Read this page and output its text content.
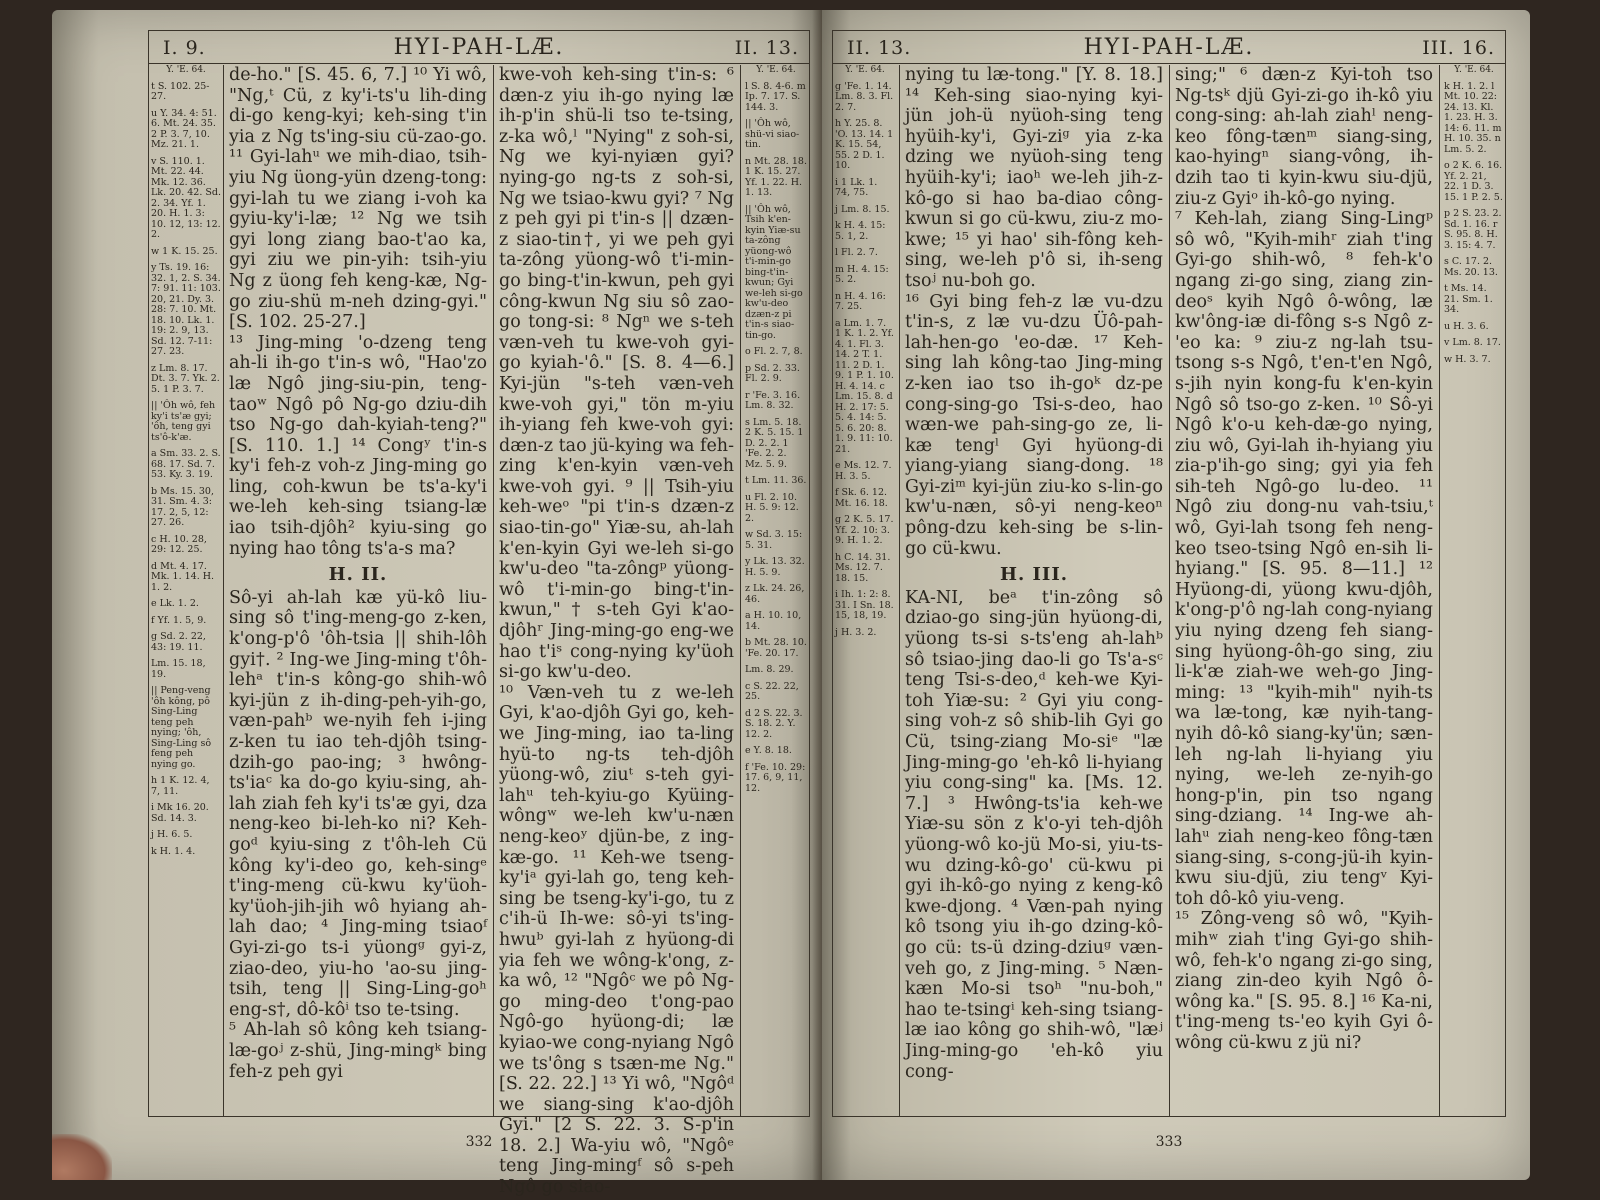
I. 9.	HYI-PAH-LÆ.	II. 13.
Y. 'E. 64.
t S. 102. 25-27.
u Y. 34. 4: 51. 6. Mt. 24. 35. 2 P. 3. 7, 10. Mz. 21. 1.
v S. 110. 1. Mt. 22. 44. Mk. 12. 36. Lk. 20. 42. Sd. 2. 34. Yf. 1. 20. H. 1. 3: 10. 12, 13: 12. 2.
w 1 K. 15. 25.
y Ts. 19. 16: 32. 1, 2. S. 34. 7: 91. 11: 103. 20, 21. Dy. 3. 28: 7. 10. Mt. 18. 10. Lk. 1. 19: 2. 9, 13. Sd. 12. 7-11: 27. 23.
z Lm. 8. 17. Dt. 3. 7. Yk. 2. 5. 1 P. 3. 7.
|| 'Ôh wô, feh ky'i ts'æ gyi; 'ôh, teng gyi ts'ô-k'æ.
a Sm. 33. 2. S. 68. 17. Sd. 7. 53. Ky. 3. 19.
b Ms. 15. 30, 31. Sm. 4. 3: 17. 2, 5, 12: 27. 26.
c H. 10. 28, 29: 12. 25.
d Mt. 4. 17. Mk. 1. 14. H. 1. 2.
e Lk. 1. 2.
f Yf. 1. 5, 9.
g Sd. 2. 22, 43: 19. 11.
Lm. 15. 18, 19.
|| Peng-veng 'ôh kông, pô Sing-Ling teng peh nying; 'ôh, Sing-Ling sô feng peh nying go.
h 1 K. 12. 4, 7, 11.
i Mk 16. 20. Sd. 14. 3.
j H. 6. 5.
k H. 1. 4.

de-ho." [S. 45. 6, 7.] ¹⁰ Yi wô, "Ng,ᵗ Cü, z ky'i-ts'u lih-ding di-go keng-kyi; keh-sing t'in yia z Ng ts'ing-siu cü-zao-go. ¹¹ Gyi-lahᵘ we mih-diao, tsih-yiu Ng üong-yün dzeng-tong: gyi-lah tu we ziang i-voh ka gyiu-ky'i-læ; ¹² Ng we tsih gyi long ziang bao-t'ao ka, gyi ziu we pin-yih: tsih-yiu Ng z üong feh keng-kæ, Ng-go ziu-shü m-neh dzing-gyi." [S. 102. 25-27.]

¹³ Jing-ming 'o-dzeng teng ah-li ih-go t'in-s wô, "Hao'zo læ Ngô jing-siu-pin, teng-taoʷ Ngô pô Ng-go dziu-dih tso Ng-go dah-kyiah-teng?" [S. 110. 1.] ¹⁴ Congʸ t'in-s ky'i feh-z voh-z Jing-ming go ling, coh-kwun be ts'a-ky'i we-leh keh-sing tsiang-læ iao tsih-djôh² kyiu-sing go nying hao tông ts'a-s ma?

H. II.

Sô-yi ah-lah kæ yü-kô liu-sing sô t'ing-meng-go z-ken, k'ong-p'ô 'ôh-tsia || shih-lôh gyi†. ² Ing-we Jing-ming t'ôh-lehᵃ t'in-s kông-go shih-wô kyi-jün z ih-ding-peh-yih-go, væn-pahᵇ we-nyih feh i-jing z-ken tu iao teh-djôh tsing-dzih-go pao-ing; ³ hwông-ts'iaᶜ ka do-go kyiu-sing, ah-lah ziah feh ky'i ts'æ gyi, dza neng-keo bi-leh-ko ni? Keh-goᵈ kyiu-sing z t'ôh-leh Cü kông ky'i-deo go, keh-singᵉ t'ing-meng cü-kwu ky'üoh-ky'üoh-jih-jih wô hyiang ah-lah dao; ⁴ Jing-ming tsiaoᶠ Gyi-zi-go ts-i yüongᵍ gyi-z, ziao-deo, yiu-ho 'ao-su jing-tsih, teng || Sing-Ling-goʰ eng-s†, dô-kôⁱ tso te-tsing.

⁵ Ah-lah sô kông keh tsiang-læ-goʲ z-shü, Jing-mingᵏ bing feh-z peh gyi

kwe-voh keh-sing t'in-s: ⁶ dæn-z yiu ih-go nying læ ih-p'in shü-li tso te-tsing, z-ka wô,ˡ "Nying" z soh-si, Ng we kyi-nyiæn gyi? nying-go ng-ts z soh-si, Ng we tsiao-kwu gyi? ⁷ Ng z peh gyi pi t'in-s || dzæn-z siao-tin†, yi we peh gyi ta-zông yüong-wô t'i-min-go bing-t'in-kwun, peh gyi công-kwun Ng siu sô zao-go tong-si: ⁸ Ngⁿ we s-teh væn-veh tu kwe-voh gyi-go kyiah-'ô." [S. 8. 4—6.] Kyi-jün "s-teh væn-veh kwe-voh gyi," tön m-yiu ih-yiang feh kwe-voh gyi: dæn-z tao jü-kying wa feh-zing k'en-kyin væn-veh kwe-voh gyi. ⁹ || Tsih-yiu keh-weᵒ "pi t'in-s dzæn-z siao-tin-go" Yiæ-su, ah-lah k'en-kyin Gyi we-leh si-go kw'u-deo "ta-zôngᵖ yüong-wô t'i-min-go bing-t'in-kwun," † s-teh Gyi k'ao-djôhʳ Jing-ming-go eng-we hao t'iˢ cong-nying ky'üoh si-go kw'u-deo.

¹⁰ Væn-veh tu z we-leh Gyi, k'ao-djôh Gyi go, keh-we Jing-ming, iao ta-ling hyü-to ng-ts teh-djôh yüong-wô, ziuᵗ s-teh gyi-lahᵘ teh-kyiu-go Kyüing-wôngʷ we-leh kw'u-næn neng-keoʸ djün-be, z ing-kæ-go. ¹¹ Keh-we tseng-ky'iᵃ gyi-lah go, teng keh-sing be tseng-ky'i-go, tu z c'ih-ü Ih-we: sô-yi ts'ing-hwuᵇ gyi-lah z hyüong-di yia feh we wông-k'ong, z-ka wô, ¹² "Ngôᶜ we pô Ng-go ming-deo t'ong-pao Ngô-go hyüong-di; læ kyiao-we cong-nyiang Ngô we ts'ông s tsæn-me Ng." [S. 22. 22.] ¹³ Yi wô, "Ngôᵈ we siang-sing k'ao-djôh Gyi." [2 S. 22. 3. S-p'in 18. 2.] Wa-yiu wô, "Ngôᵉ teng Jing-mingᶠ sô s-peh Ngô go siao-

Y. 'E. 64.
l S. 8. 4-6. m Ip. 7. 17. S. 144. 3.
|| 'Ôh wô, shü-vi siao-tin.
n Mt. 28. 18. 1 K. 15. 27. Yf. 1. 22. H. 1. 13.
|| 'Ôh wô, Tsih k'en-kyin Yiæ-su ta-zông yüong-wô t'i-min-go bing-t'in-kwun; Gyi we-leh si-go kw'u-deo dzæn-z pi t'in-s siao-tin-go.
o Fl. 2. 7, 8.
p Sd. 2. 33. Fl. 2. 9.
r 'Fe. 3. 16. Lm. 8. 32.
s Lm. 5. 18. 2 K. 5. 15. 1 D. 2. 2. 1 'Fe. 2. 2. Mz. 5. 9.
t Lm. 11. 36.
u Fl. 2. 10. H. 5. 9: 12. 2.
w Sd. 3. 15: 5. 31.
y Lk. 13. 32. H. 5. 9.
z Lk. 24. 26, 46.
a H. 10. 10, 14.
b Mt. 28. 10. 'Fe. 20. 17.
Lm. 8. 29.
c S. 22. 22, 25.
d 2 S. 22. 3. S. 18. 2. Y. 12. 2.
e Y. 8. 18.
f 'Fe. 10. 29: 17. 6, 9, 11, 12.
332
II. 13.	HYI-PAH-LÆ.	III. 16.
Y. 'E. 64.
g 'Fe. 1. 14. Lm. 8. 3. Fl. 2. 7.
h Y. 25. 8. 'O. 13. 14. 1 K. 15. 54, 55. 2 D. 1. 10.
i 1 Lk. 1. 74, 75.
j Lm. 8. 15.
k H. 4. 15: 5. 1, 2.
l Fl. 2. 7.
m H. 4. 15: 5. 2.
n H. 4. 16: 7. 25.
a Lm. 1. 7. 1 K. 1. 2. Yf. 4. 1. Fl. 3. 14. 2 T. 1. 11. 2 D. 1. 9. 1 P. 1. 10. H. 4. 14. c Lm. 15. 8. d H. 2. 17: 5. 5. 4. 14: 5. 5. 6. 20: 8. 1. 9. 11: 10. 21.
e Ms. 12. 7. H. 3. 5.
f Sk. 6. 12. Mt. 16. 18.
g 2 K. 5. 17. Yf. 2. 10: 3. 9. H. 1. 2.
h C. 14. 31. Ms. 12. 7. 18. 15.
i Ih. 1: 2: 8. 31. I Sn. 18. 15, 18, 19.
j H. 3. 2.

nying tu læ-tong." [Y. 8. 18.] ¹⁴ Keh-sing siao-nying kyi-jün joh-ü nyüoh-sing teng hyüih-ky'i, Gyi-ziᵍ yia z-ka dzing we nyüoh-sing teng hyüih-ky'i; iaoʰ we-leh jih-z-kô-go si hao ba-diao công-kwun si go cü-kwu, ziu-z mo-kwe; ¹⁵ yi hao' sih-fông keh-sing, we-leh p'ô si, ih-seng tsoʲ nu-boh go.

¹⁶ Gyi bing feh-z læ vu-dzu t'in-s, z læ vu-dzu Üô-pah-lah-hen-go 'eo-dæ. ¹⁷ Keh-sing lah kông-tao Jing-ming z-ken iao tso ih-goᵏ dz-pe cong-sing-go Tsi-s-deo, hao wæn-we pah-sing-go ze, li-kæ tengˡ Gyi hyüong-di yiang-yiang siang-dong. ¹⁸ Gyi-ziᵐ kyi-jün ziu-ko s-lin-go kw'u-næn, sô-yi neng-keoⁿ pông-dzu keh-sing be s-lin-go cü-kwu.

H. III.

KA-NI, beᵃ t'in-zông sô dziao-go sing-jün hyüong-di, yüong ts-si s-ts'eng ah-lahᵇ sô tsiao-jing dao-li go Ts'a-sᶜ teng Tsi-s-deo,ᵈ keh-we Kyi-toh Yiæ-su: ² Gyi yiu cong-sing voh-z sô shib-lih Gyi go Cü, tsing-ziang Mo-siᵉ "læ Jing-ming-go 'eh-kô li-hyiang yiu cong-sing" ka. [Ms. 12. 7.] ³ Hwông-ts'ia keh-we Yiæ-su sön z k'o-yi teh-djôh yüong-wô ko-jü Mo-si, yiu-ts-wu dzing-kô-go' cü-kwu pi gyi ih-kô-go nying z keng-kô kwe-djong. ⁴ Væn-pah nying kô tsong yiu ih-go dzing-kô-go cü: ts-ü dzing-dziuᵍ væn-veh go, z Jing-ming. ⁵ Næn-kæn Mo-si tsoʰ "nu-boh," hao te-tsingⁱ keh-sing tsiang-læ iao kông go shih-wô, "læʲ Jing-ming-go 'eh-kô yiu cong-

sing;" ⁶ dæn-z Kyi-toh tso Ng-tsᵏ djü Gyi-zi-go ih-kô yiu cong-sing: ah-lah ziahˡ neng-keo fông-tænᵐ siang-sing, kao-hyingⁿ siang-vông, ih-dzih tao ti kyin-kwu siu-djü, ziu-z Gyiᵒ ih-kô-go nying.

⁷ Keh-lah, ziang Sing-Lingᵖ sô wô, "Kyih-mihʳ ziah t'ing Gyi-go shih-wô, ⁸ feh-k'o ngang zi-go sing, ziang zin-deoˢ kyih Ngô ô-wông, læ kw'ông-iæ di-fông s-s Ngô z-'eo ka: ⁹ ziu-z ng-lah tsu-tsong s-s Ngô, t'en-t'en Ngô, s-jih nyin kong-fu k'en-kyin Ngô sô tso-go z-ken. ¹⁰ Sô-yi Ngô k'o-u keh-dæ-go nying, ziu wô, Gyi-lah ih-hyiang yiu zia-p'ih-go sing; gyi yia feh sih-teh Ngô-go lu-deo. ¹¹ Ngô ziu dong-nu vah-tsiu,ᵗ wô, Gyi-lah tsong feh neng-keo tseo-tsing Ngô en-sih li-hyiang." [S. 95. 8—11.] ¹² Hyüong-di, yüong kwu-djôh, k'ong-p'ô ng-lah cong-nyiang yiu nying dzeng feh siang-sing hyüong-ôh-go sing, ziu li-k'æ ziah-we weh-go Jing-ming: ¹³ "kyih-mih" nyih-ts wa læ-tong, kæ nyih-tang-nyih dô-kô siang-ky'ün; sæn-leh ng-lah li-hyiang yiu nying, we-leh ze-nyih-go hong-p'in, pin tso ngang sing-dziang. ¹⁴ Ing-we ah-lahᵘ ziah neng-keo fông-tæn siang-sing, s-cong-jü-ih kyin-kwu siu-djü, ziu tengᵛ Kyi-toh dô-kô yiu-veng.

¹⁵ Zông-veng sô wô, "Kyih-mihʷ ziah t'ing Gyi-go shih-wô, feh-k'o ngang zi-go sing, ziang zin-deo kyih Ngô ô-wông ka." [S. 95. 8.] ¹⁶ Ka-ni, t'ing-meng ts-'eo kyih Gyi ô-wông cü-kwu z jü ni?

Y. 'E. 64.
k H. 1. 2. l Mt. 10. 22: 24. 13. Kl. 1. 23. H. 3. 14: 6. 11. m H. 10. 35. n Lm. 5. 2.
o 2 K. 6. 16. Yf. 2. 21, 22. 1 D. 3. 15. 1 P. 2. 5.
p 2 S. 23. 2. Sd. 1. 16. r S. 95. 8. H. 3. 15: 4. 7.
s C. 17. 2. Ms. 20. 13.
t Ms. 14. 21. Sm. 1. 34.
u H. 3. 6.
v Lm. 8. 17.
w H. 3. 7.
333
